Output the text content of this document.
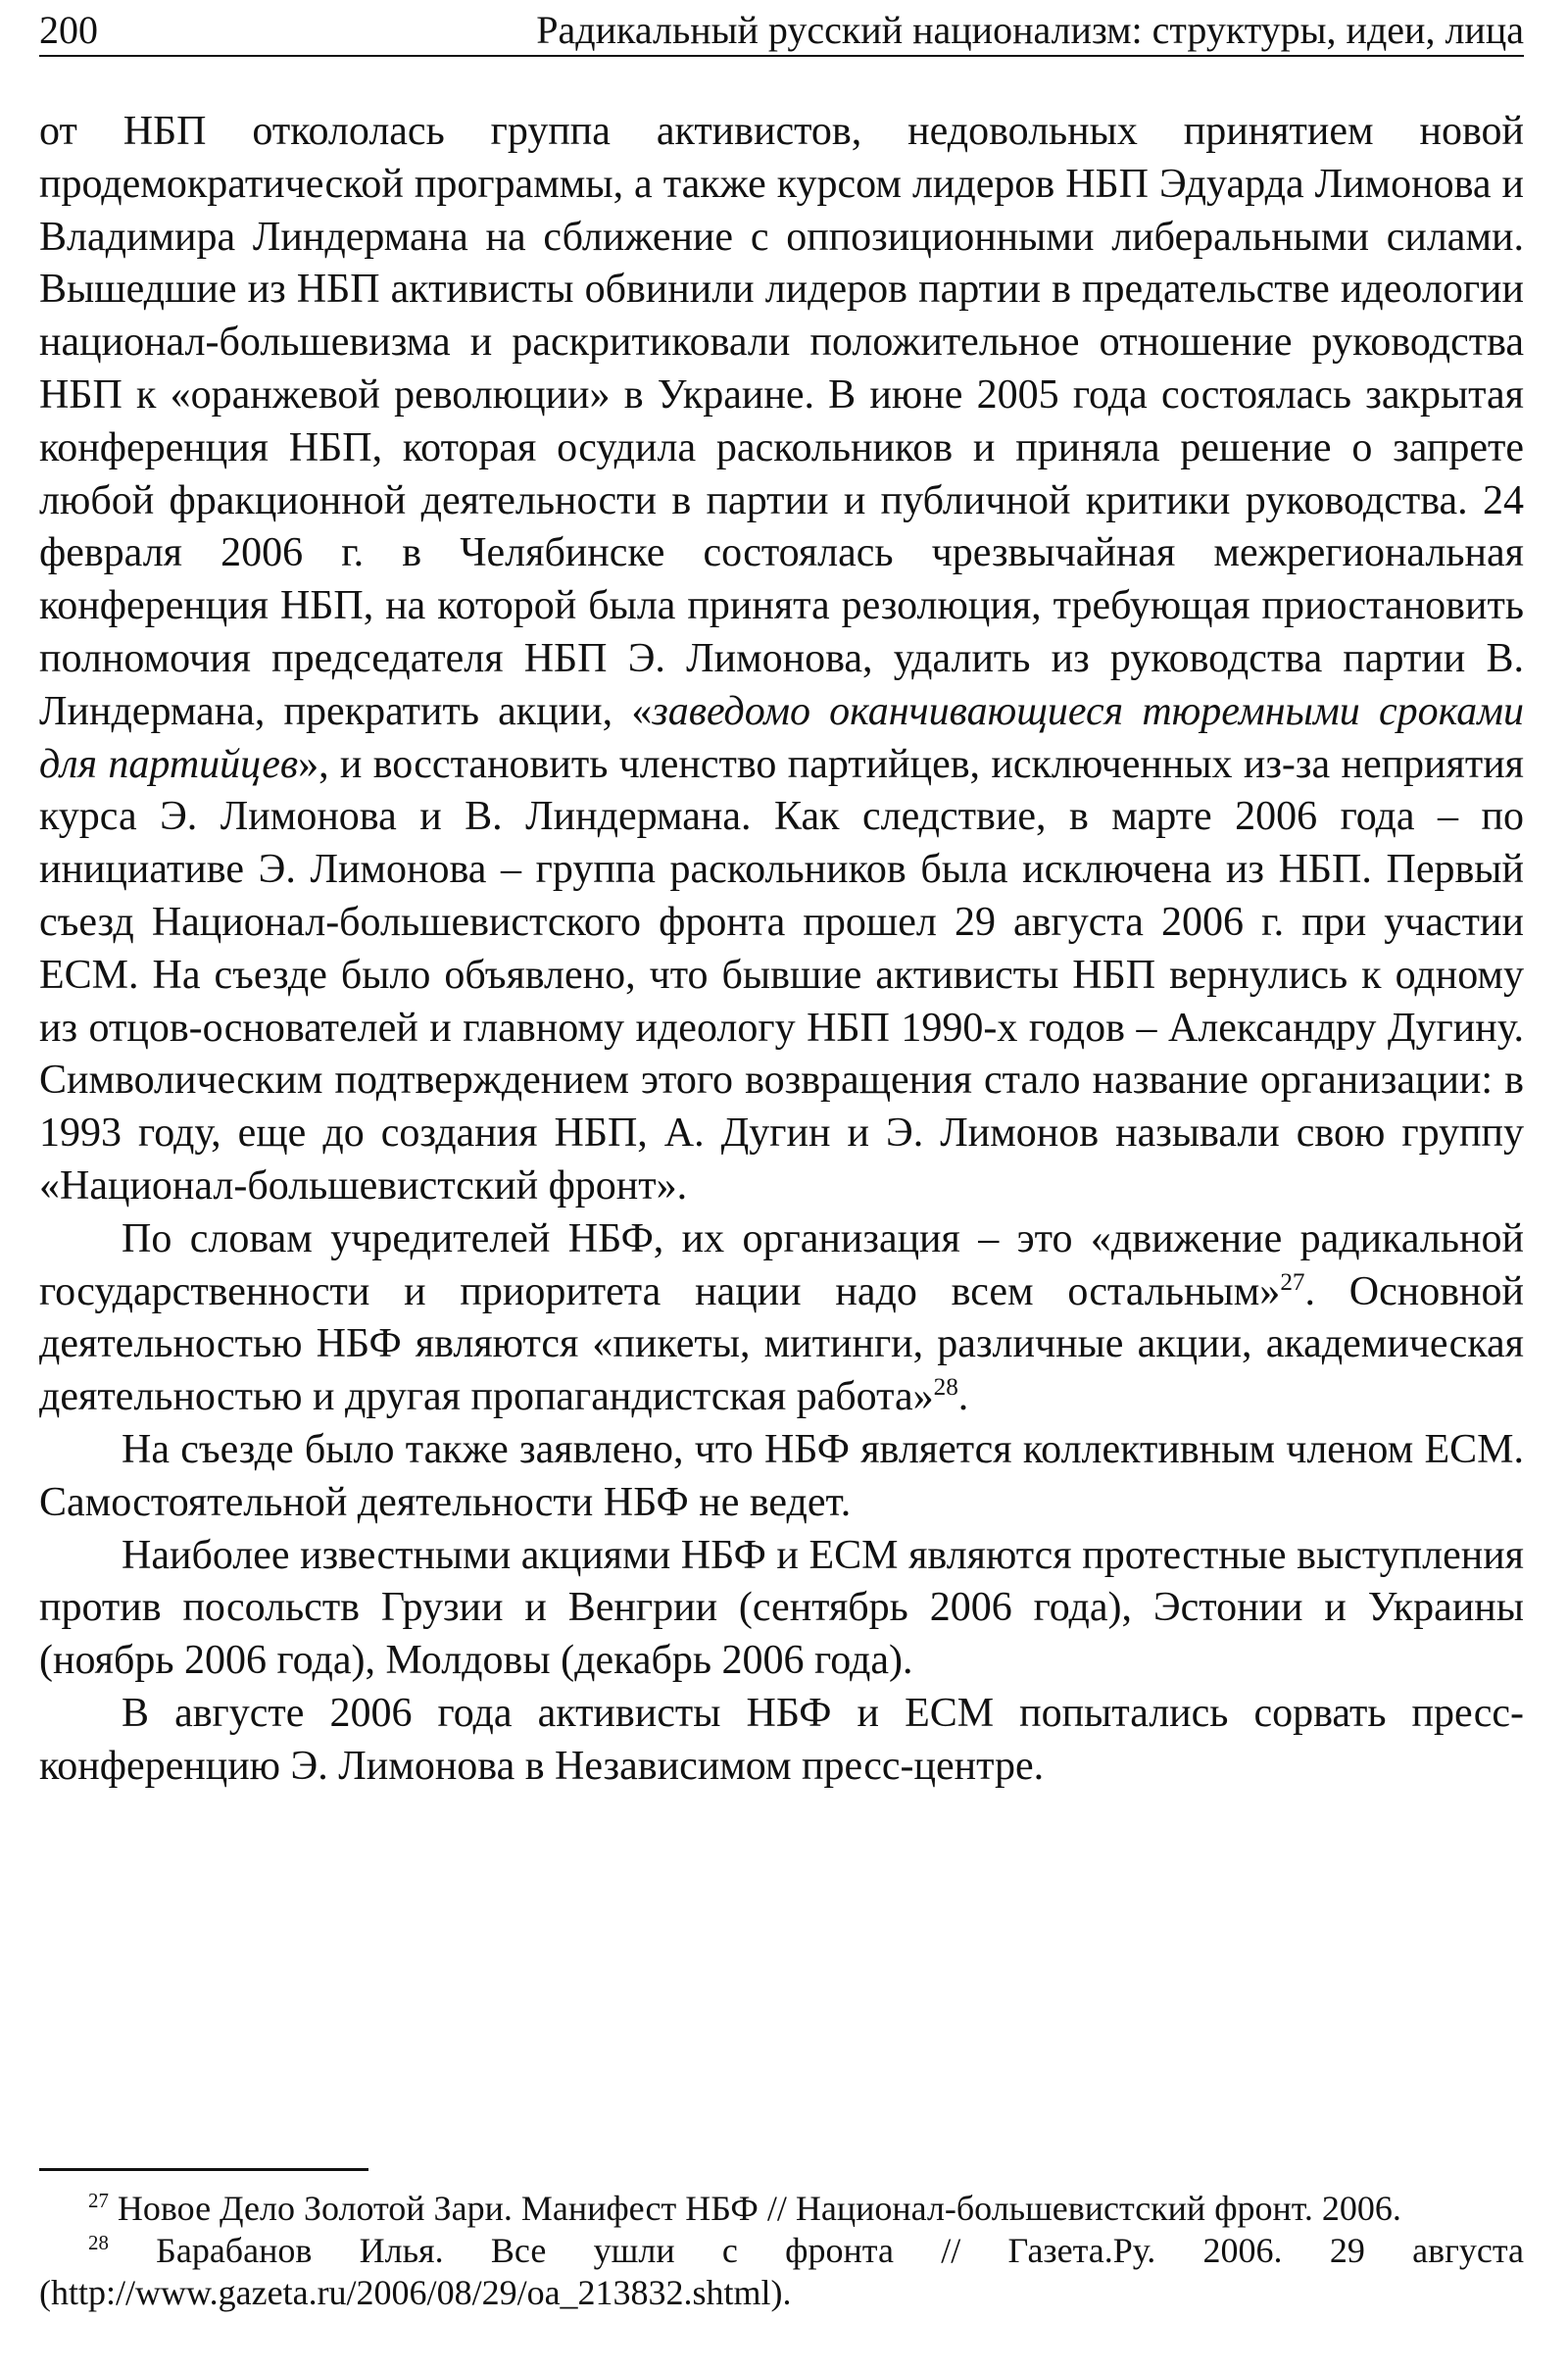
200	Радикальный русский национализм: структуры, идеи, лица

от НБП откололась группа активистов, недовольных принятием новой продемократической программы, а также курсом лидеров НБП Эдуарда Лимонова и Владимира Линдермана на сближение с оппозиционными либеральными силами. Вышедшие из НБП активисты обвинили лидеров партии в предательстве идеологии национал-большевизма и раскритиковали положительное отношение руководства НБП к «оранжевой революции» в Украине. В июне 2005 года состоялась закрытая конференция НБП, которая осудила раскольников и приняла решение о запрете любой фракционной деятельности в партии и публичной критики руководства. 24 февраля 2006 г. в Челябинске состоялась чрезвычайная межрегиональная конференция НБП, на которой была принята резолюция, требующая приостановить полномочия председателя НБП Э. Лимонова, удалить из руководства партии В. Линдермана, прекратить акции, «заведомо оканчивающиеся тюремными сроками для партийцев», и восстановить членство партийцев, исключенных из-за неприятия курса Э. Лимонова и В. Линдермана. Как следствие, в марте 2006 года – по инициативе Э. Лимонова – группа раскольников была исключена из НБП. Первый съезд Национал-большевистского фронта прошел 29 августа 2006 г. при участии ЕСМ. На съезде было объявлено, что бывшие активисты НБП вернулись к одному из отцов-основателей и главному идеологу НБП 1990-х годов – Александру Дугину. Символическим подтверждением этого возвращения стало название организации: в 1993 году, еще до создания НБП, А. Дугин и Э. Лимонов называли свою группу «Национал-большевистский фронт».

По словам учредителей НБФ, их организация – это «движение радикальной государственности и приоритета нации надо всем остальным»$^{27}$. Основной деятельностью НБФ являются «пикеты, митинги, различные акции, академическая деятельностью и другая пропагандистская работа»$^{28}$.

На съезде было также заявлено, что НБФ является коллективным членом ЕСМ. Самостоятельной деятельности НБФ не ведет.

Наиболее известными акциями НБФ и ЕСМ являются протестные выступления против посольств Грузии и Венгрии (сентябрь 2006 года), Эстонии и Украины (ноябрь 2006 года), Молдовы (декабрь 2006 года).

В августе 2006 года активисты НБФ и ЕСМ попытались сорвать пресс-конференцию Э. Лимонова в Независимом пресс-центре.

$^{27}$ Новое Дело Золотой Зари. Манифест НБФ // Национал-большевистский фронт. 2006.

$^{28}$ Барабанов Илья. Все ушли с фронта // Газета.Ру. 2006. 29 августа (http://www.gazeta.ru/2006/08/29/oa_213832.shtml).
